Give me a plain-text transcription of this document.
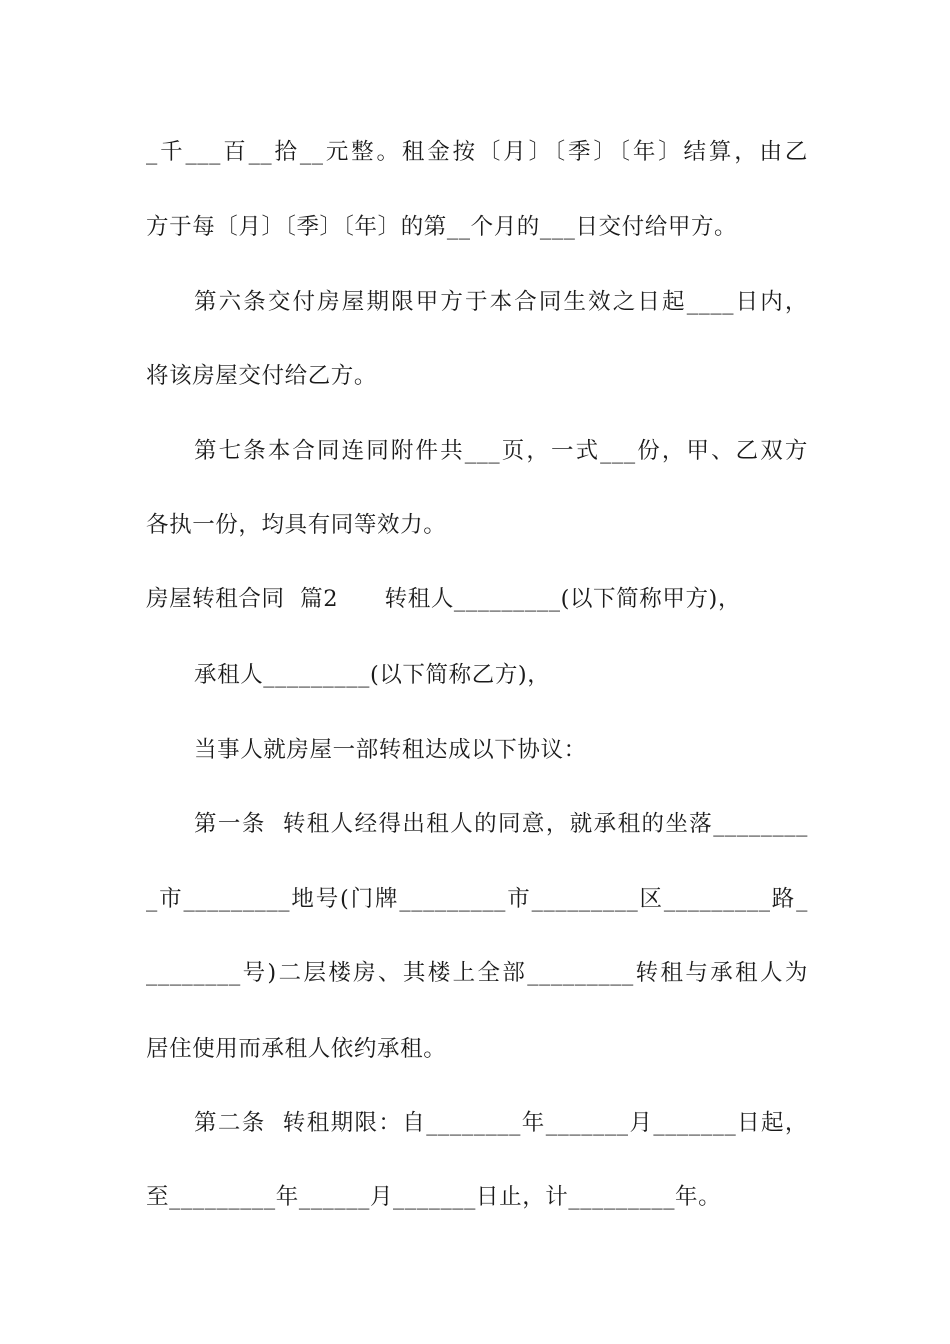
_千___百__拾__元整。租金按〔月〕〔季〕〔年〕结算，由乙
方于每〔月〕〔季〕〔年〕的第__个月的___日交付给甲方。
第六条交付房屋期限甲方于本合同生效之日起____日内，
将该房屋交付给乙方。
第七条本合同连同附件共___页，一式___份，甲、乙双方
各执一份，均具有同等效力。
房屋转租合同  篇2      转租人_________(以下简称甲方)，
承租人_________(以下简称乙方)，
当事人就房屋一部转租达成以下协议：
第一条  转租人经得出租人的同意，就承租的坐落________
_市_________地号(门牌_________市_________区_________路_
________号)二层楼房、其楼上全部_________转租与承租人为
居住使用而承租人依约承租。
第二条  转租期限：自________年_______月_______日起，
至_________年______月_______日止，计_________年。
